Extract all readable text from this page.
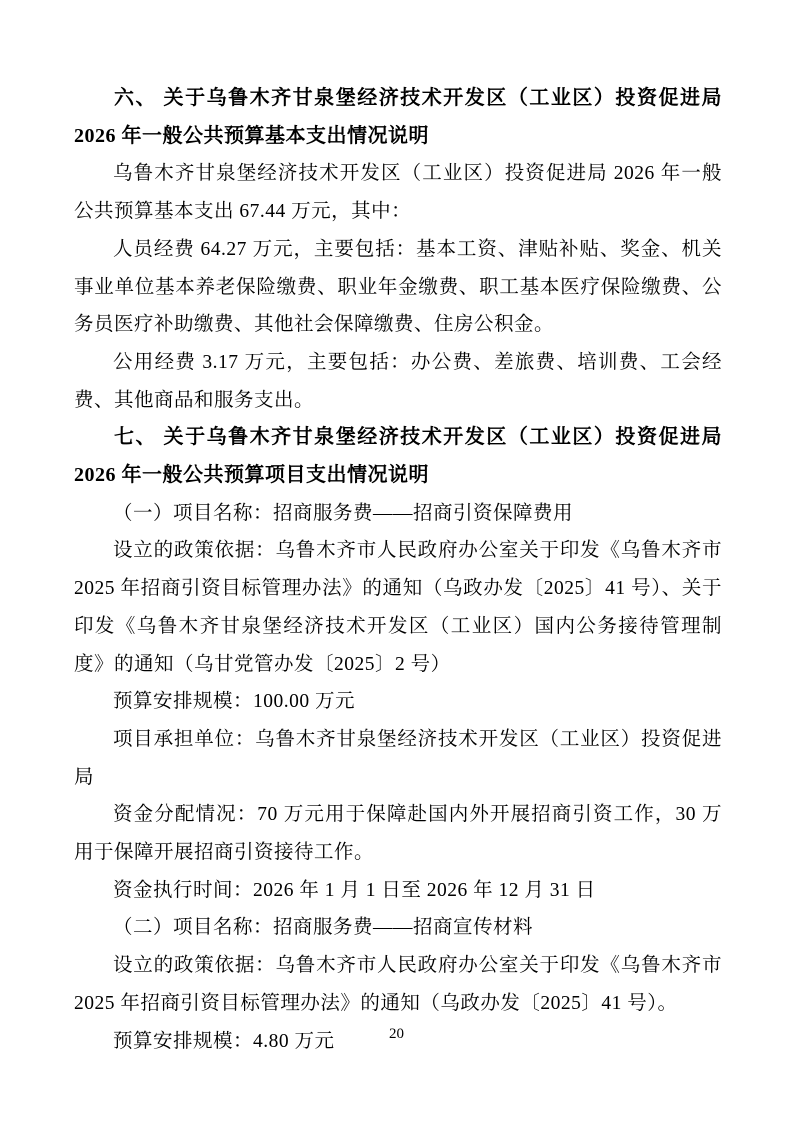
六、 关于乌鲁木齐甘泉堡经济技术开发区（工业区）投资促进局 2026 年一般公共预算基本支出情况说明

乌鲁木齐甘泉堡经济技术开发区（工业区）投资促进局 2026 年一般公共预算基本支出 67.44 万元，其中：

人员经费 64.27 万元，主要包括：基本工资、津贴补贴、奖金、机关事业单位基本养老保险缴费、职业年金缴费、职工基本医疗保险缴费、公务员医疗补助缴费、其他社会保障缴费、住房公积金。

公用经费 3.17 万元，主要包括：办公费、差旅费、培训费、工会经费、其他商品和服务支出。

七、 关于乌鲁木齐甘泉堡经济技术开发区（工业区）投资促进局 2026 年一般公共预算项目支出情况说明

（一）项目名称：招商服务费——招商引资保障费用

设立的政策依据：乌鲁木齐市人民政府办公室关于印发《乌鲁木齐市 2025 年招商引资目标管理办法》的通知（乌政办发〔2025〕41 号）、关于印发《乌鲁木齐甘泉堡经济技术开发区（工业区）国内公务接待管理制度》的通知（乌甘党管办发〔2025〕2 号）

预算安排规模：100.00 万元

项目承担单位：乌鲁木齐甘泉堡经济技术开发区（工业区）投资促进局

资金分配情况：70 万元用于保障赴国内外开展招商引资工作，30 万用于保障开展招商引资接待工作。

资金执行时间：2026 年 1 月 1 日至 2026 年 12 月 31 日

（二）项目名称：招商服务费——招商宣传材料

设立的政策依据：乌鲁木齐市人民政府办公室关于印发《乌鲁木齐市 2025 年招商引资目标管理办法》的通知（乌政办发〔2025〕41 号）。

预算安排规模：4.80 万元	20
